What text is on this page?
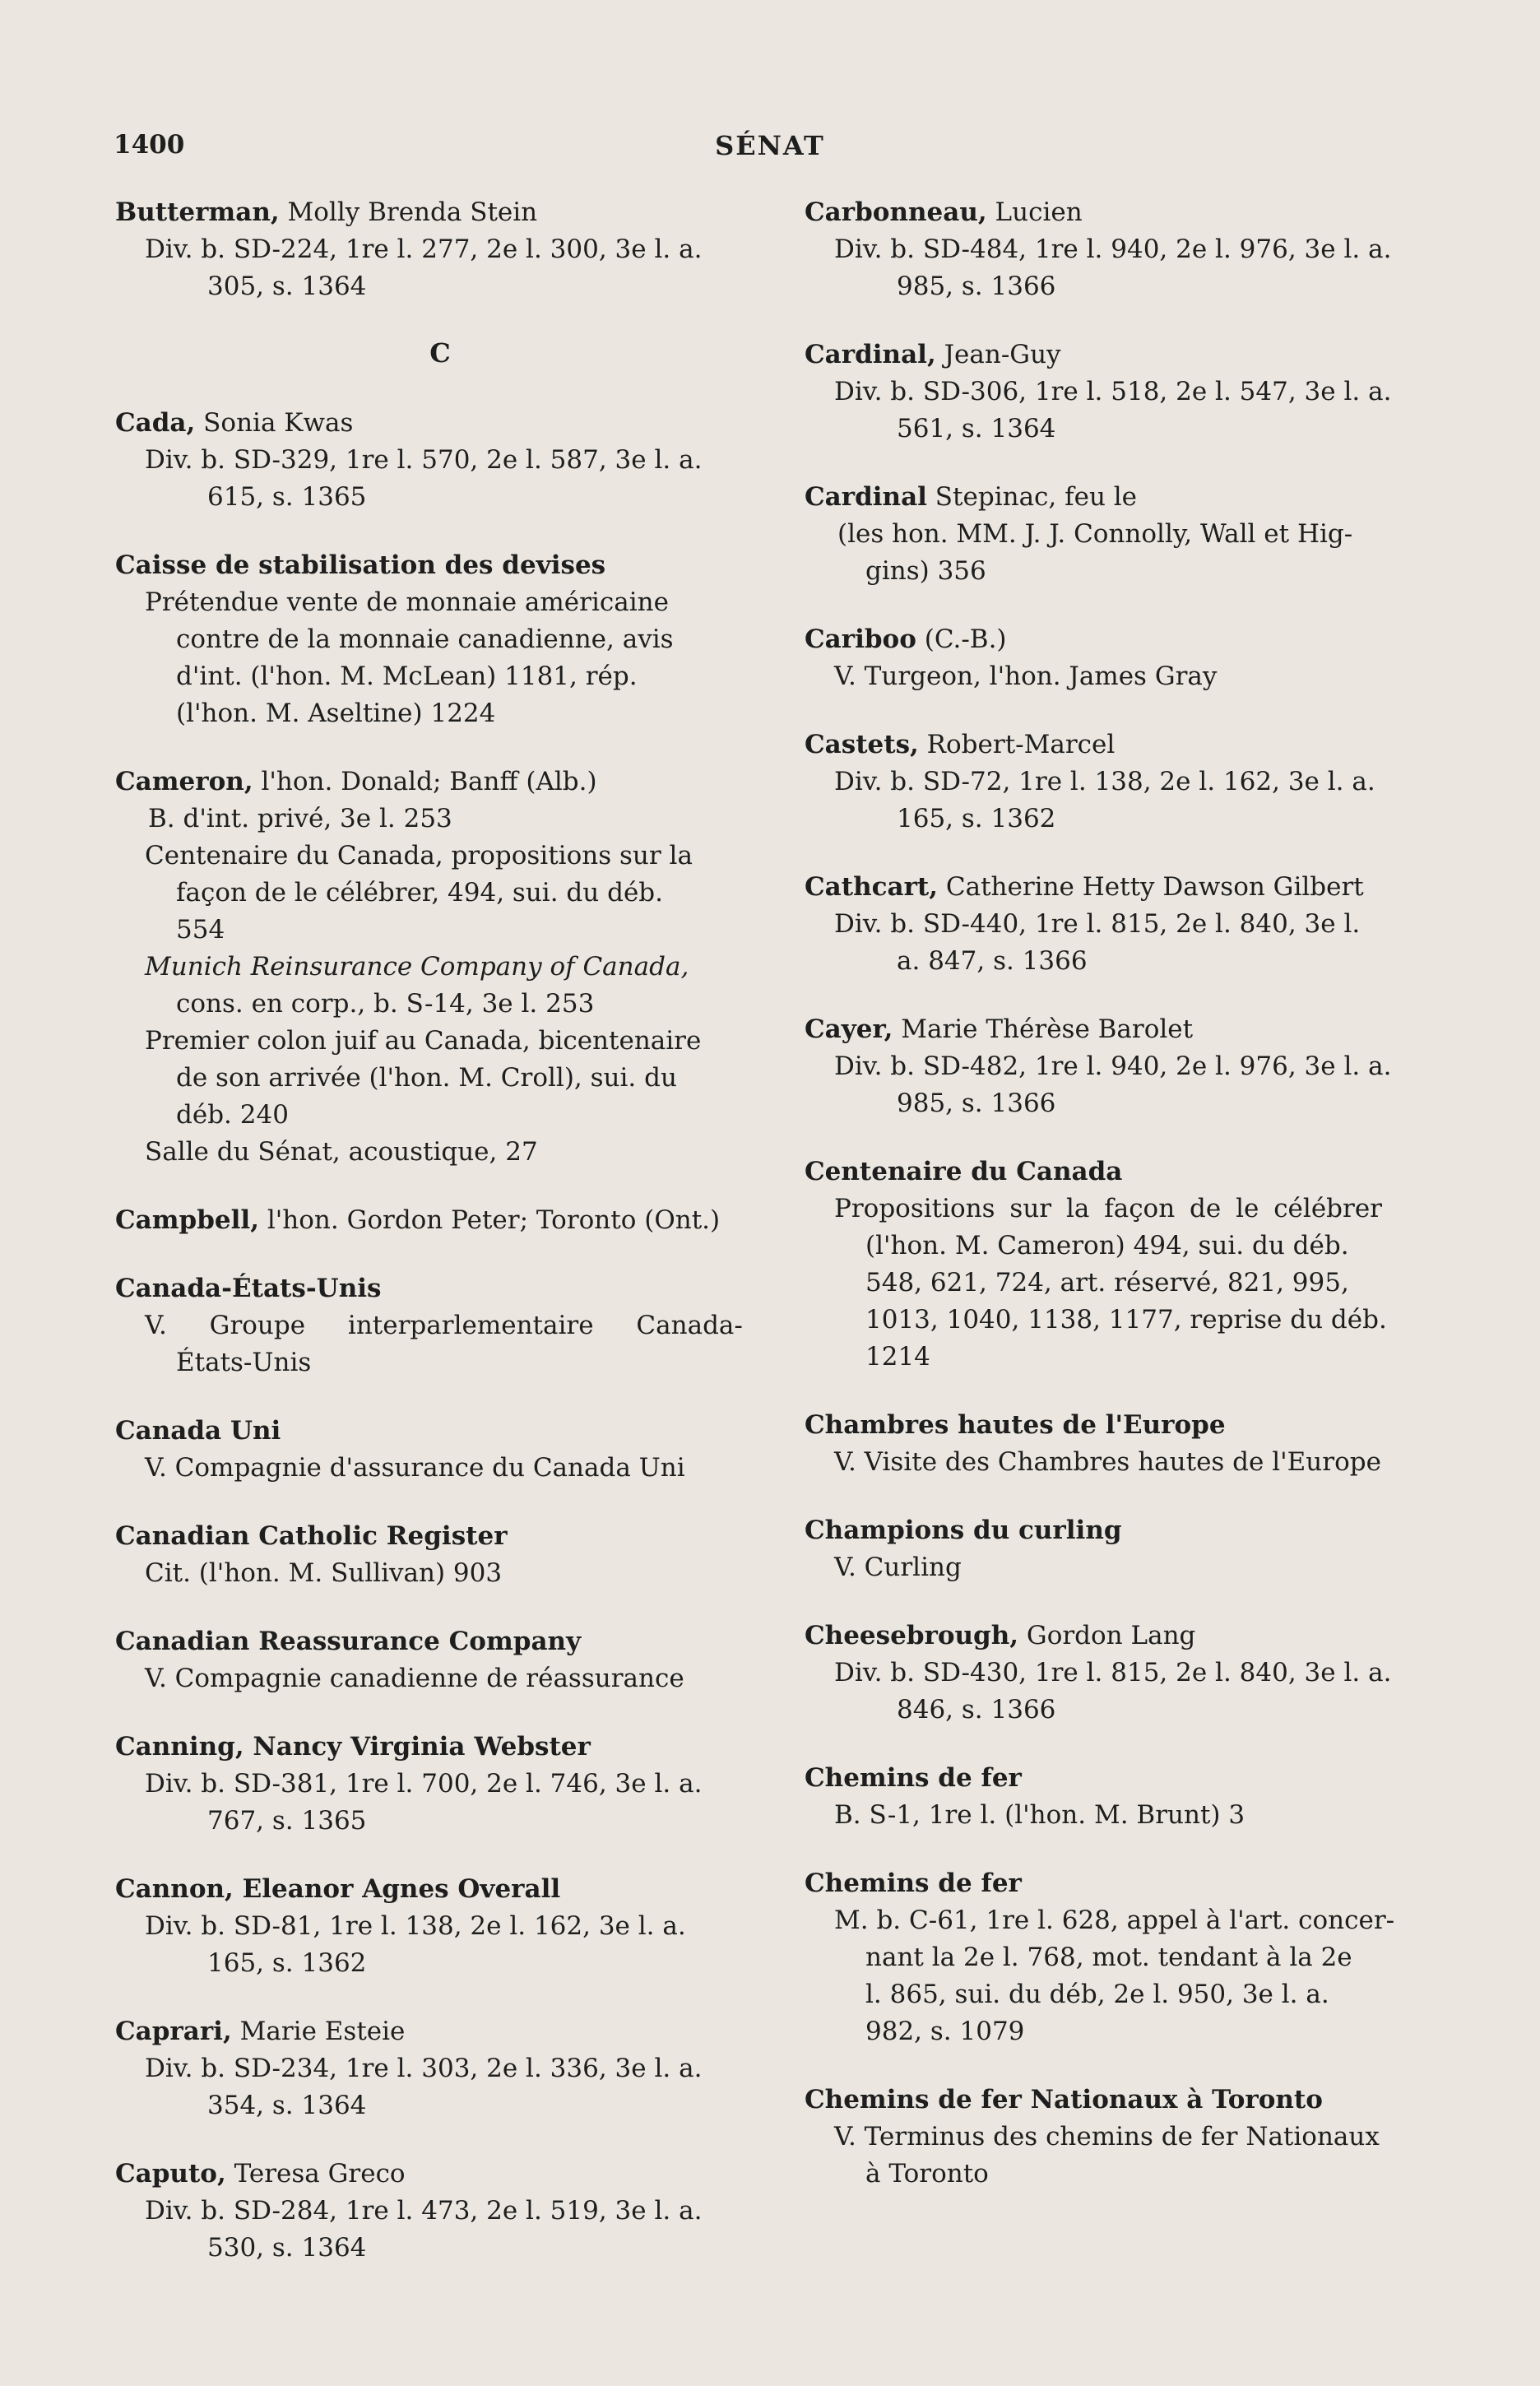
1400	SÉNAT

Butterman, Molly Brenda Stein

Div. b. SD-224, 1re l. 277, 2e l. 300, 3e l. a.

305, s. 1364

C

Cada, Sonia Kwas

Div. b. SD-329, 1re l. 570, 2e l. 587, 3e l. a.

615, s. 1365

Caisse de stabilisation des devises

Prétendue vente de monnaie américaine

contre de la monnaie canadienne, avis

d'int. (l'hon. M. McLean) 1181, rép.

(l'hon. M. Aseltine) 1224

Cameron, l'hon. Donald; Banff (Alb.)

B. d'int. privé, 3e l. 253

Centenaire du Canada, propositions sur la

façon de le célébrer, 494, sui. du déb.

554

Munich Reinsurance Company of Canada,

cons. en corp., b. S-14, 3e l. 253

Premier colon juif au Canada, bicentenaire

de son arrivée (l'hon. M. Croll), sui. du

déb. 240

Salle du Sénat, acoustique, 27

Campbell, l'hon. Gordon Peter; Toronto (Ont.)

Canada-États-Unis

V. Groupe interparlementaire Canada-

États-Unis

Canada Uni

V. Compagnie d'assurance du Canada Uni

Canadian Catholic Register

Cit. (l'hon. M. Sullivan) 903

Canadian Reassurance Company

V. Compagnie canadienne de réassurance

Canning, Nancy Virginia Webster

Div. b. SD-381, 1re l. 700, 2e l. 746, 3e l. a.

767, s. 1365

Cannon, Eleanor Agnes Overall

Div. b. SD-81, 1re l. 138, 2e l. 162, 3e l. a.

165, s. 1362

Caprari, Marie Esteie

Div. b. SD-234, 1re l. 303, 2e l. 336, 3e l. a.

354, s. 1364

Caputo, Teresa Greco

Div. b. SD-284, 1re l. 473, 2e l. 519, 3e l. a.

530, s. 1364

Carbonneau, Lucien

Div. b. SD-484, 1re l. 940, 2e l. 976, 3e l. a.

985, s. 1366

Cardinal, Jean-Guy

Div. b. SD-306, 1re l. 518, 2e l. 547, 3e l. a.

561, s. 1364

Cardinal Stepinac, feu le

(les hon. MM. J. J. Connolly, Wall et Hig-

gins) 356

Cariboo (C.-B.)

V. Turgeon, l'hon. James Gray

Castets, Robert-Marcel

Div. b. SD-72, 1re l. 138, 2e l. 162, 3e l. a.

165, s. 1362

Cathcart, Catherine Hetty Dawson Gilbert

Div. b. SD-440, 1re l. 815, 2e l. 840, 3e l.

a. 847, s. 1366

Cayer, Marie Thérèse Barolet

Div. b. SD-482, 1re l. 940, 2e l. 976, 3e l. a.

985, s. 1366

Centenaire du Canada

Propositions sur la façon de le célébrer

(l'hon. M. Cameron) 494, sui. du déb.

548, 621, 724, art. réservé, 821, 995,

1013, 1040, 1138, 1177, reprise du déb.

1214

Chambres hautes de l'Europe

V. Visite des Chambres hautes de l'Europe

Champions du curling

V. Curling

Cheesebrough, Gordon Lang

Div. b. SD-430, 1re l. 815, 2e l. 840, 3e l. a.

846, s. 1366

Chemins de fer

B. S-1, 1re l. (l'hon. M. Brunt) 3

Chemins de fer

M. b. C-61, 1re l. 628, appel à l'art. concer-

nant la 2e l. 768, mot. tendant à la 2e

l. 865, sui. du déb, 2e l. 950, 3e l. a.

982, s. 1079

Chemins de fer Nationaux à Toronto

V. Terminus des chemins de fer Nationaux

à Toronto
